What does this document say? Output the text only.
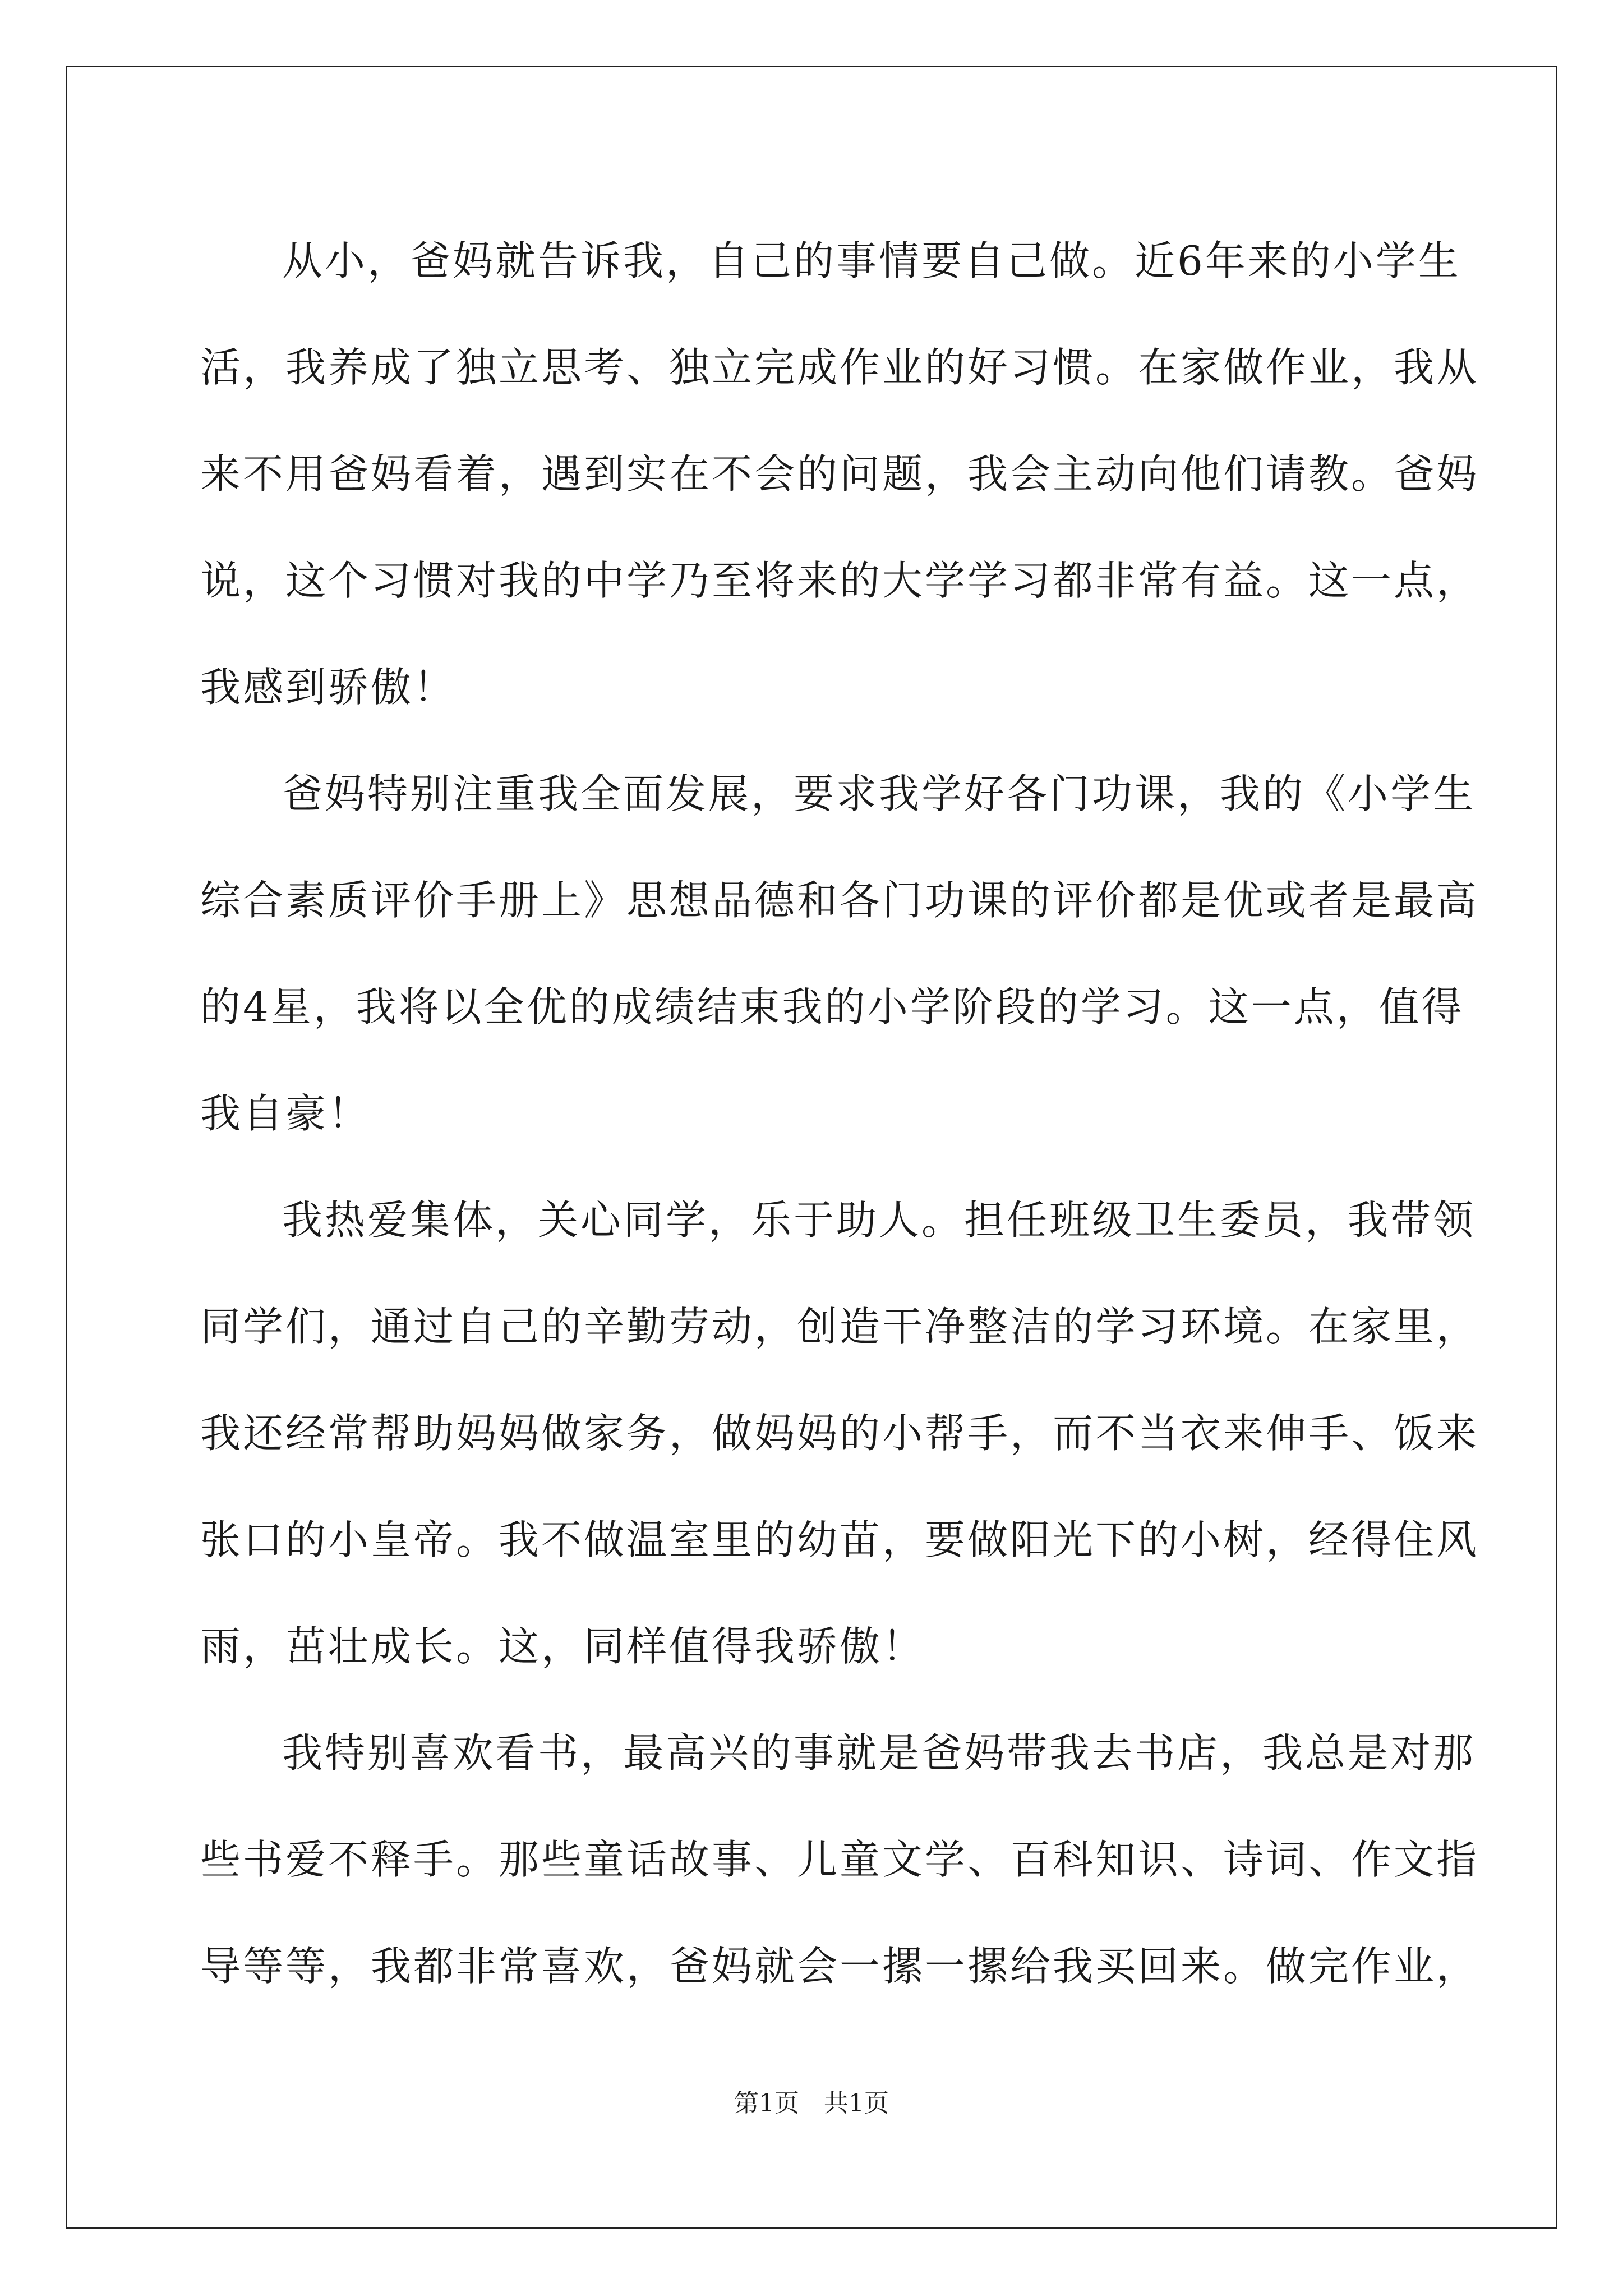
从小，爸妈就告诉我，自己的事情要自己做。近6年来的小学生
活，我养成了独立思考、独立完成作业的好习惯。在家做作业，我从
来不用爸妈看着，遇到实在不会的问题，我会主动向他们请教。爸妈
说，这个习惯对我的中学乃至将来的大学学习都非常有益。这一点，
我感到骄傲！
爸妈特别注重我全面发展，要求我学好各门功课，我的《小学生
综合素质评价手册上》思想品德和各门功课的评价都是优或者是最高
的4星，我将以全优的成绩结束我的小学阶段的学习。这一点，值得
我自豪！
我热爱集体，关心同学，乐于助人。担任班级卫生委员，我带领
同学们，通过自己的辛勤劳动，创造干净整洁的学习环境。在家里，
我还经常帮助妈妈做家务，做妈妈的小帮手，而不当衣来伸手、饭来
张口的小皇帝。我不做温室里的幼苗，要做阳光下的小树，经得住风
雨，茁壮成长。这，同样值得我骄傲！
我特别喜欢看书，最高兴的事就是爸妈带我去书店，我总是对那
些书爱不释手。那些童话故事、儿童文学、百科知识、诗词、作文指
导等等，我都非常喜欢，爸妈就会一摞一摞给我买回来。做完作业，
第1页　共1页
